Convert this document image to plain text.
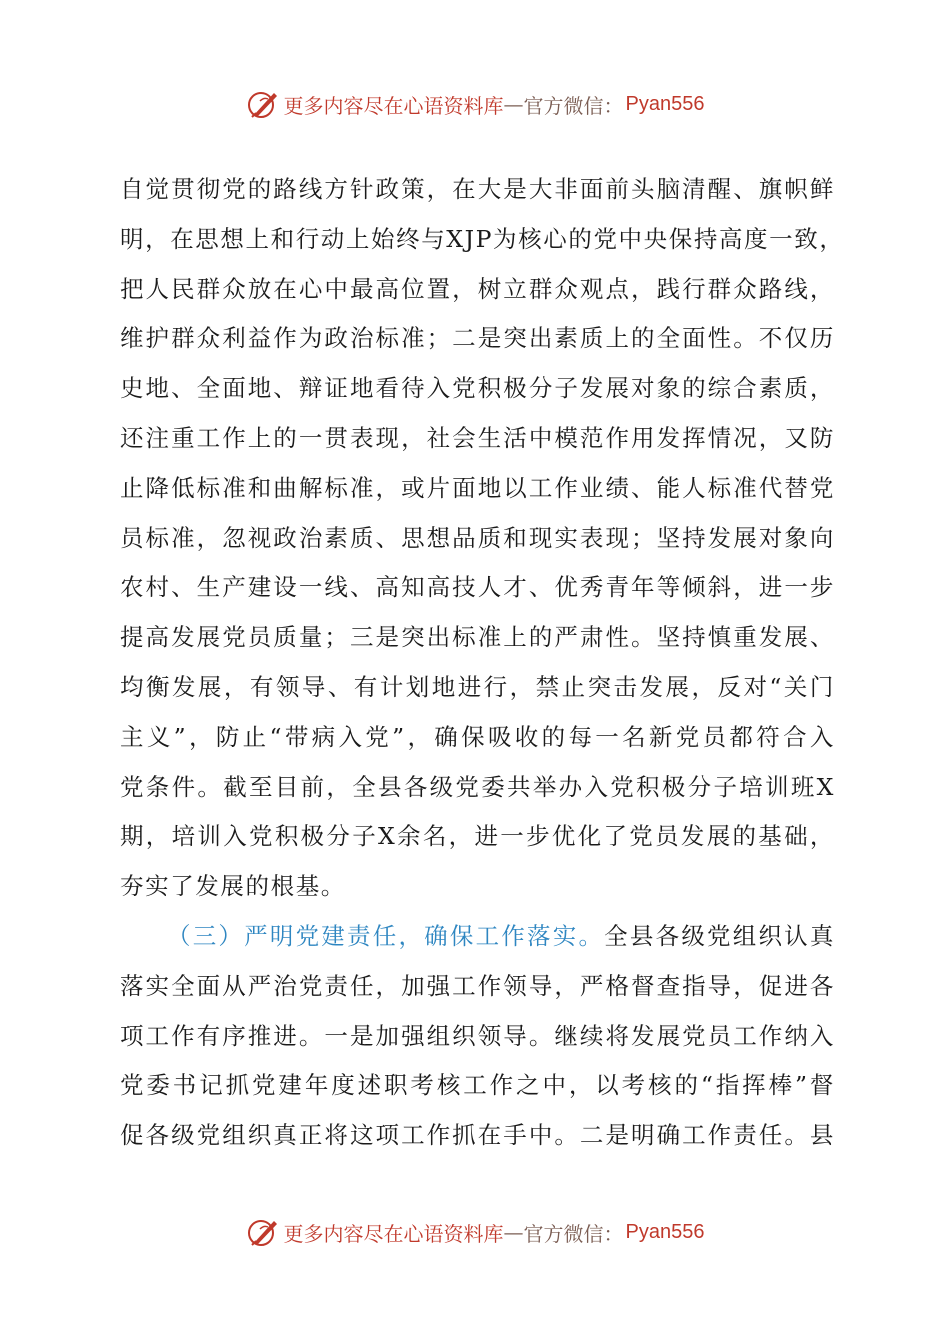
更多内容尽在心语资料库 — 官方微信： Pyan556
自觉贯彻党的路线方针政策，在大是大非面前头脑清醒、旗帜鲜
明，在思想上和行动上始终与XJP为核心的党中央保持高度一致，
把人民群众放在心中最高位置，树立群众观点，践行群众路线，
维护群众利益作为政治标准；二是突出素质上的全面性。不仅历
史地、全面地、辩证地看待入党积极分子发展对象的综合素质，
还注重工作上的一贯表现，社会生活中模范作用发挥情况，又防
止降低标准和曲解标准，或片面地以工作业绩、能人标准代替党
员标准，忽视政治素质、思想品质和现实表现；坚持发展对象向
农村、生产建设一线、高知高技人才、优秀青年等倾斜，进一步
提高发展党员质量；三是突出标准上的严肃性。坚持慎重发展、
均衡发展，有领导、有计划地进行，禁止突击发展，反对“关门
主义”，防止“带病入党”，确保吸收的每一名新党员都符合入
党条件。截至目前，全县各级党委共举办入党积极分子培训班X
期，培训入党积极分子X余名，进一步优化了党员发展的基础，
夯实了发展的根基。
（三）严明党建责任，确保工作落实。全县各级党组织认真
落实全面从严治党责任，加强工作领导，严格督查指导，促进各
项工作有序推进。一是加强组织领导。继续将发展党员工作纳入
党委书记抓党建年度述职考核工作之中，以考核的“指挥棒”督
促各级党组织真正将这项工作抓在手中。二是明确工作责任。县
更多内容尽在心语资料库 — 官方微信： Pyan556
